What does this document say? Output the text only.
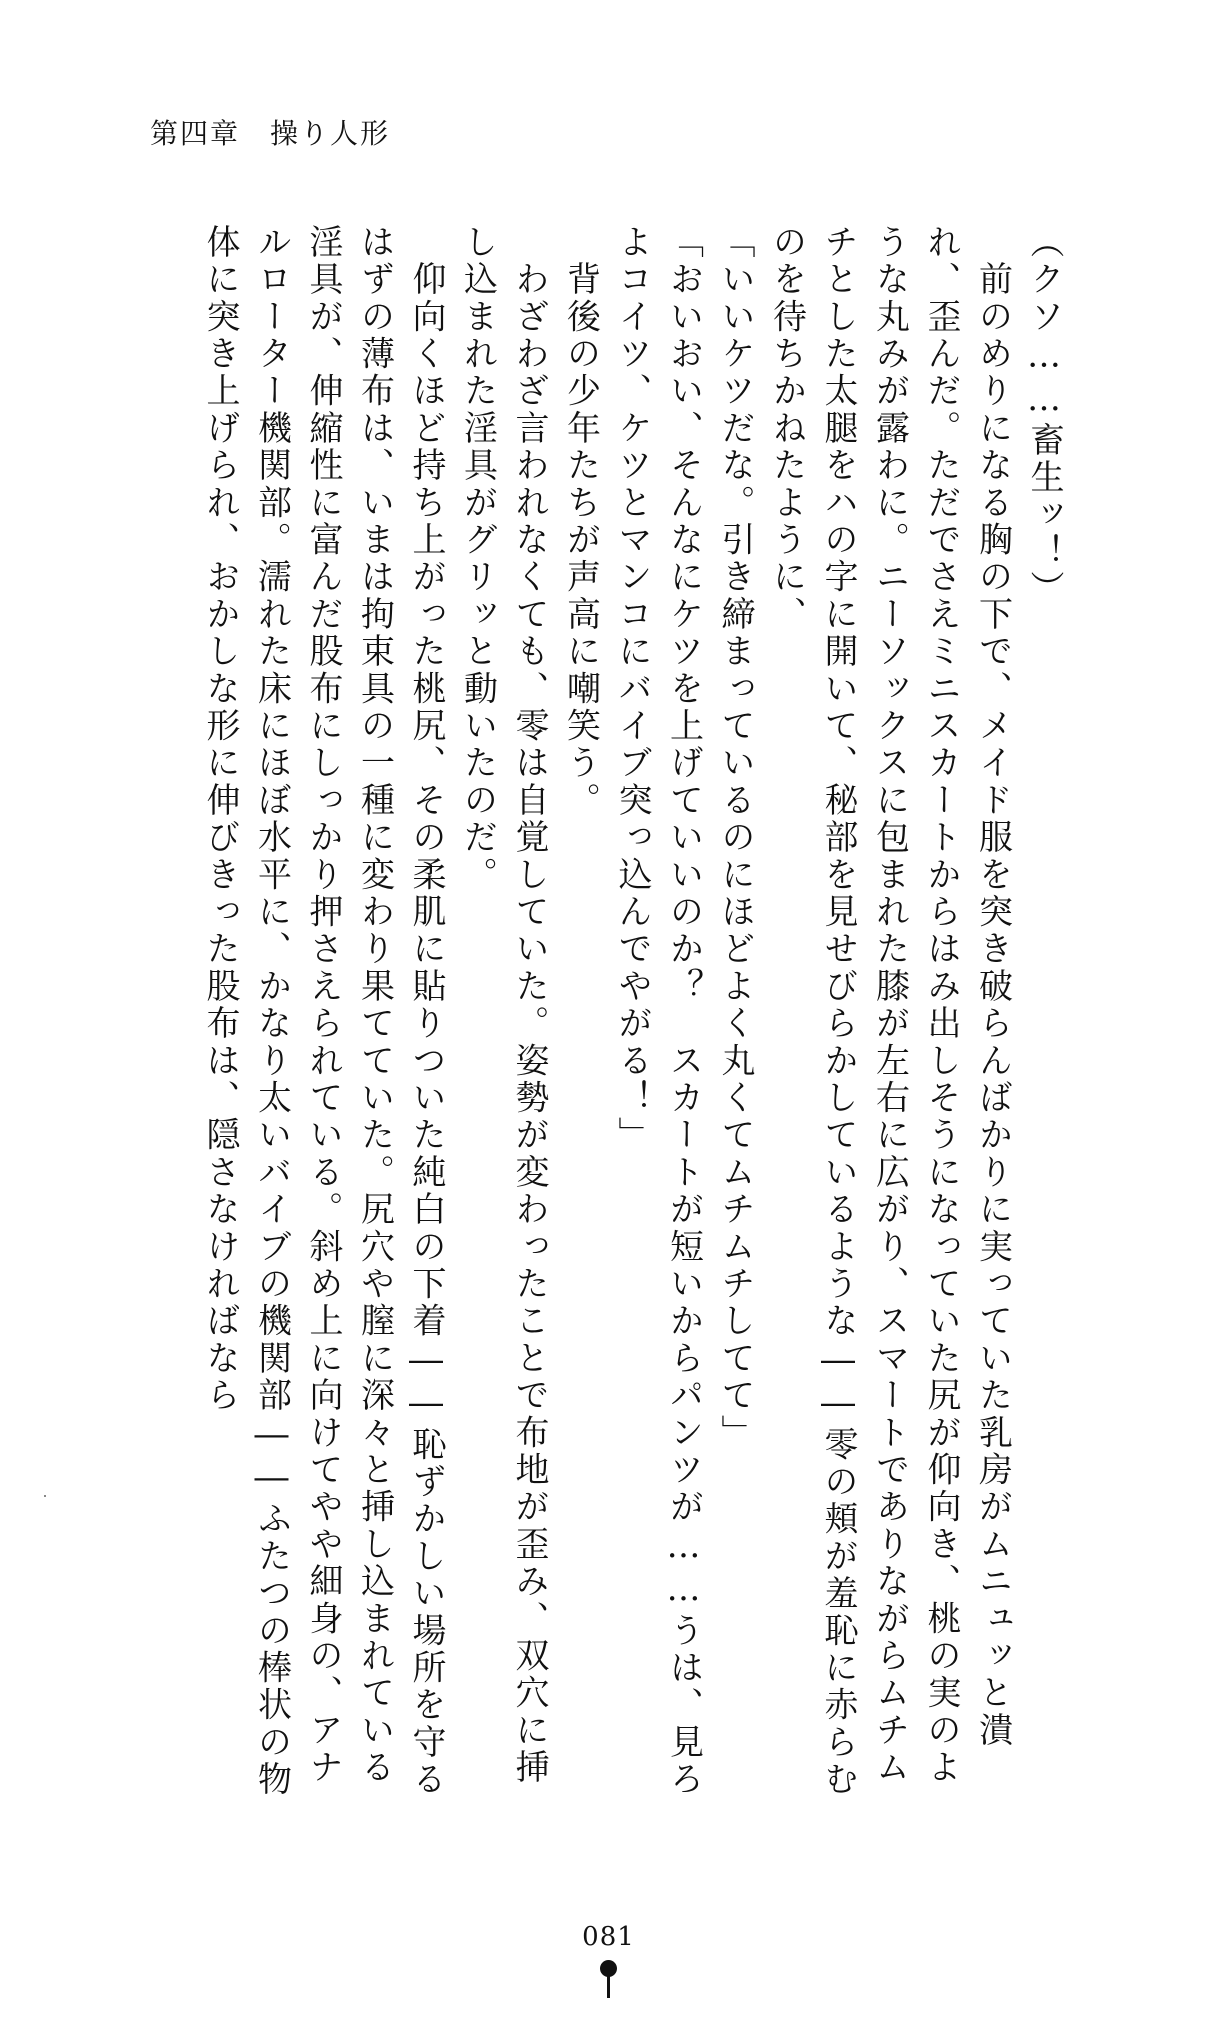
第四章　操り人形

（クソ……畜生ッ！）

　前のめりになる胸の下で、メイド服を突き破らんばかりに実っていた乳房がムニュッと潰れ、歪んだ。ただでさえミニスカートからはみ出しそうになっていた尻が仰向き、桃の実のような丸みが露わに。ニーソックスに包まれた膝が左右に広がり、スマートでありながらムチムチとした太腿をハの字に開いて、秘部を見せびらかしているような――零の頬が羞恥に赤らむのを待ちかねたように、

「いいケツだな。引き締まっているのにほどよく丸くてムチムチしてて」

「おいおい、そんなにケツを上げていいのか？　スカートが短いからパンツが……うは、見ろよコイツ、ケツとマンコにバイブ突っ込んでやがる！」

　背後の少年たちが声高に嘲笑う。

　わざわざ言われなくても、零は自覚していた。姿勢が変わったことで布地が歪み、双穴に挿し込まれた淫具がグリッと動いたのだ。

　仰向くほど持ち上がった桃尻、その柔肌に貼りついた純白の下着――恥ずかしい場所を守るはずの薄布は、いまは拘束具の一種に変わり果てていた。尻穴や膣に深々と挿し込まれている淫具が、伸縮性に富んだ股布にしっかり押さえられている。斜め上に向けてやや細身の、アナルローター機関部。濡れた床にほぼ水平に、かなり太いバイブの機関部――ふたつの棒状の物体に突き上げられ、おかしな形に伸びきった股布は、隠さなければなら

081
